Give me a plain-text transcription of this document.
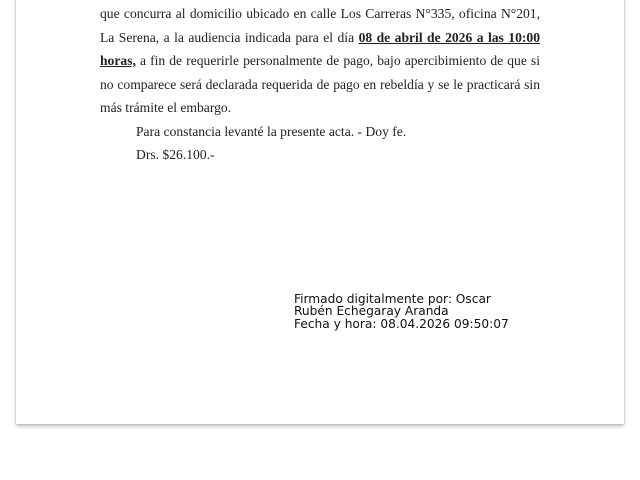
que concurra al domicilio ubicado en calle Los Carreras N°335, oficina N°201, La Serena, a la audiencia indicada para el día 08 de abril de 2026 a las 10:00 horas, a fin de requerirle personalmente de pago, bajo apercibimiento de que si no comparece será declarada requerida de pago en rebeldía y se le practicará sin más trámite el embargo.

Para constancia levanté la presente acta. - Doy fe.

Drs. $26.100.-

Firmado digitalmente por: Oscar
Rubén Echegaray Aranda
Fecha y hora: 08.04.2026 09:50:07
